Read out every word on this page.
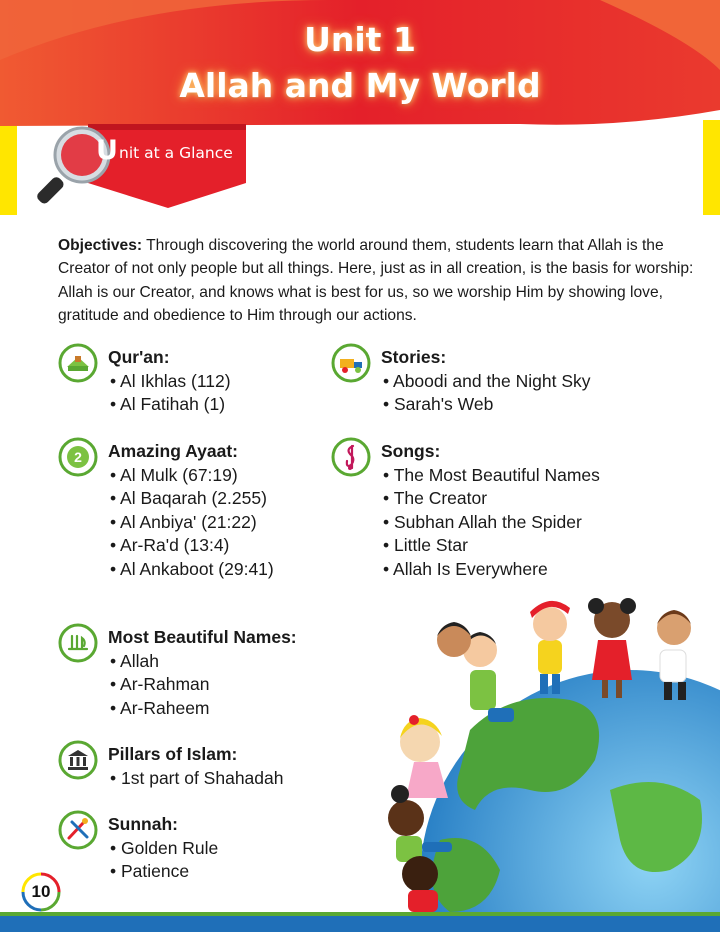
Unit 1
Allah and My World
U nit at a Glance

Objectives: Through discovering the world around them, students learn that Allah is the Creator of not only people but all things. Here, just as in all creation, is the basis for worship: Allah is our Creator, and knows what is best for us, so we worship Him by showing love, gratitude and obedience to Him through our actions.

Qur'an:
• Al Ikhlas (112)
• Al Fatihah (1)
2 Amazing Ayaat:
• Al Mulk (67:19)
• Al Baqarah (2.255)
• Al Anbiya' (21:22)
• Ar-Ra'd (13:4)
• Al Ankaboot (29:41)
Most Beautiful Names:
• Allah
• Ar-Rahman
• Ar-Raheem
Pillars of Islam:
• 1st part of Shahadah
Sunnah:
• Golden Rule
• Patience
Stories:
• Aboodi and the Night Sky
• Sarah's Web
Songs:
• The Most Beautiful Names
• The Creator
• Subhan Allah the Spider
• Little Star
• Allah Is Everywhere
10
